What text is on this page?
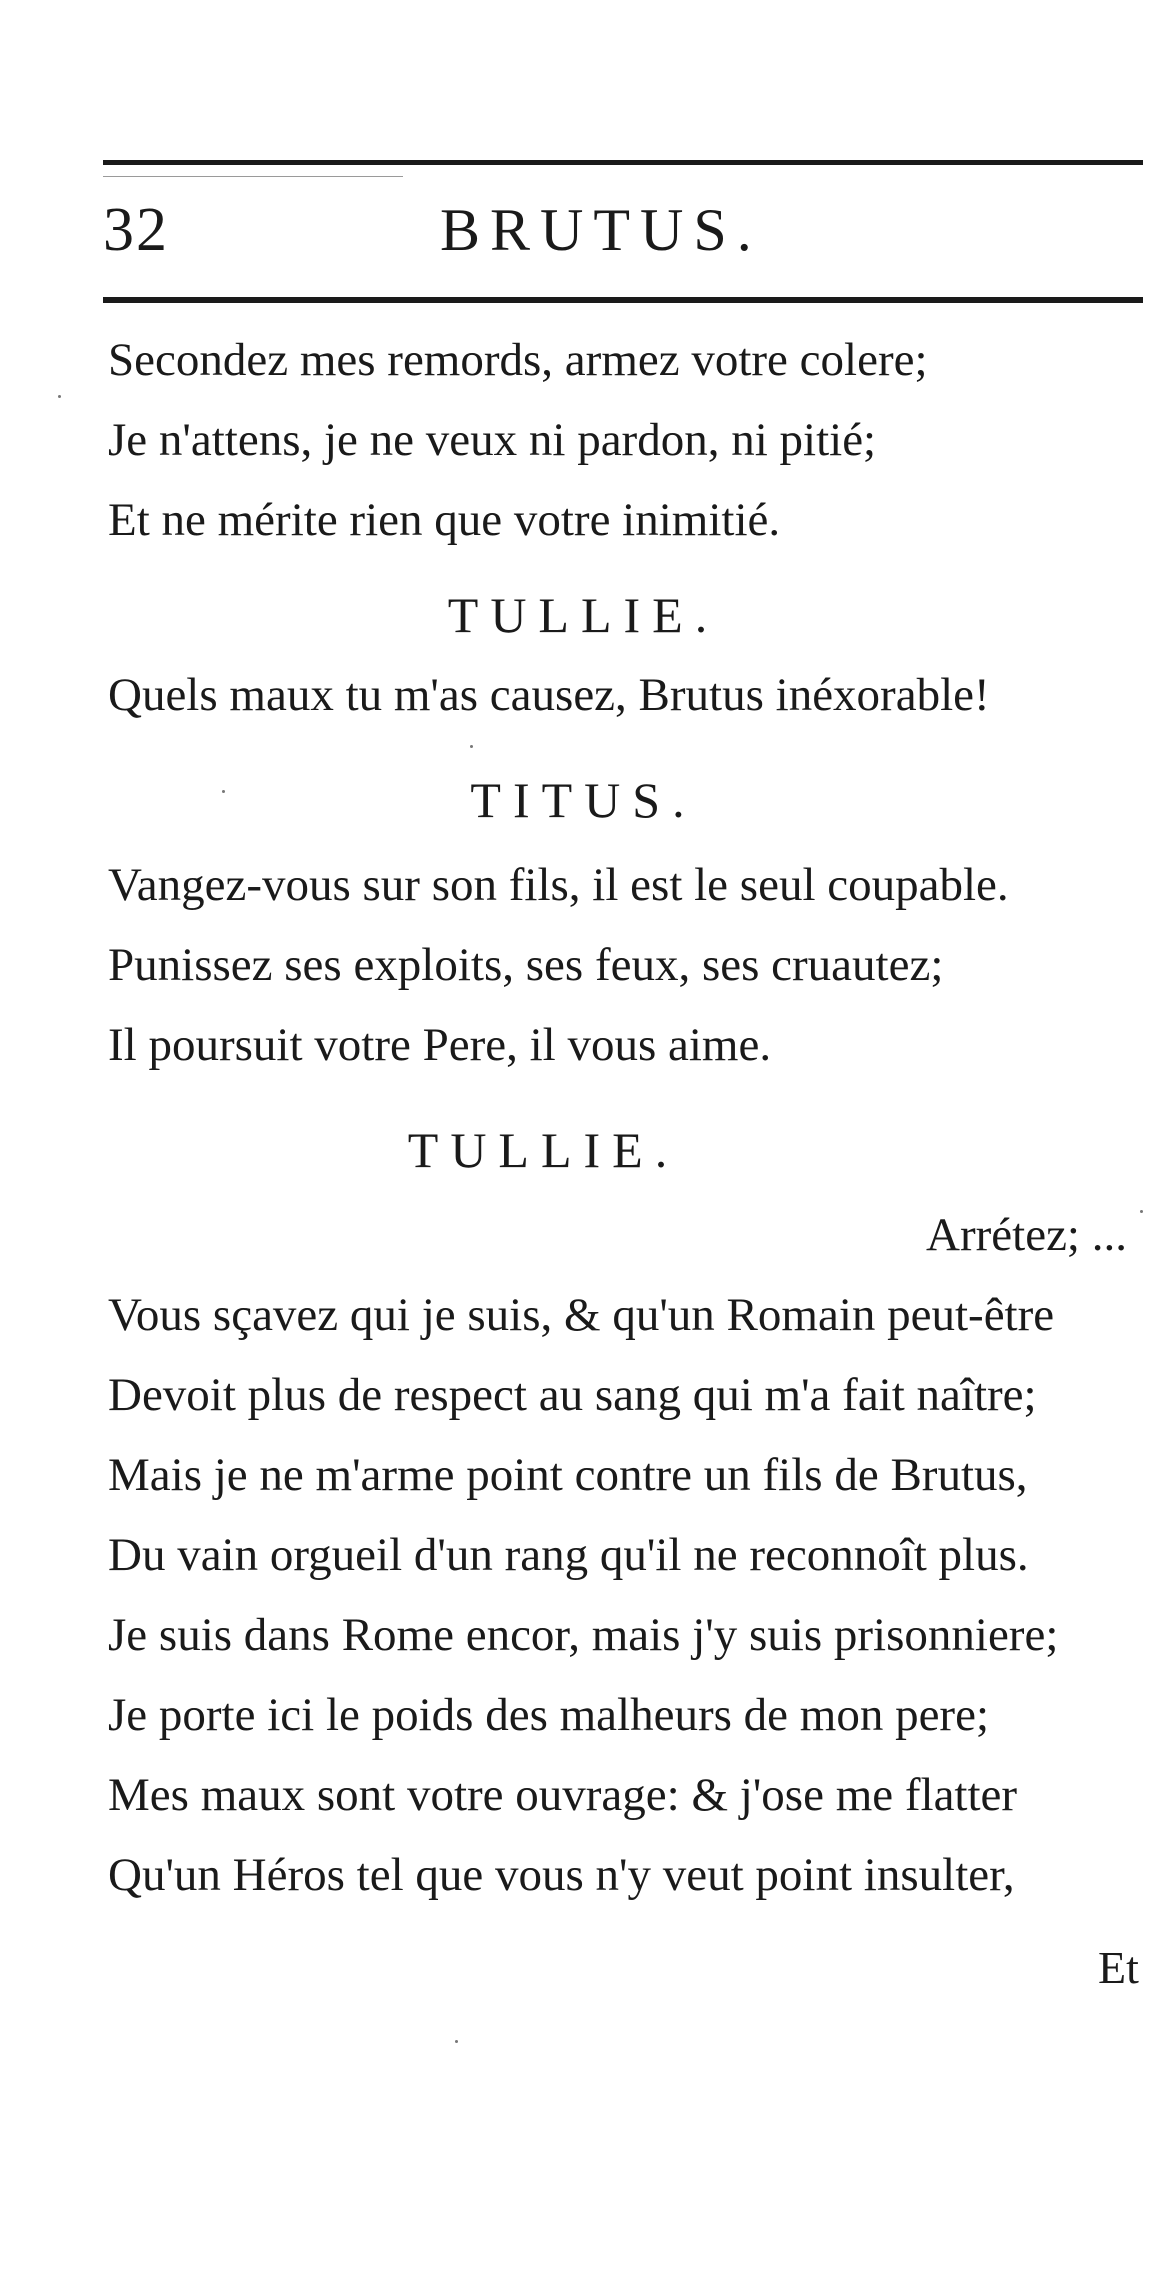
32	BRUTUS.
Secondez mes remords, armez votre colere;
Je n'attens, je ne veux ni pardon, ni pitié;
Et ne mérite rien que votre inimitié.
TULLIE.
Quels maux tu m'as causez, Brutus inéxorable!
TITUS.
Vangez-vous sur son fils, il est le seul coupable.
Punissez ses exploits, ses feux, ses cruautez;
Il poursuit votre Pere, il vous aime.
TULLIE.
Arrétez; ...
Vous sçavez qui je suis, & qu'un Romain peut-être
Devoit plus de respect au sang qui m'a fait naître;
Mais je ne m'arme point contre un fils de Brutus,
Du vain orgueil d'un rang qu'il ne reconnoît plus.
Je suis dans Rome encor, mais j'y suis prisonniere;
Je porte ici le poids des malheurs de mon pere;
Mes maux sont votre ouvrage: & j'ose me flatter
Qu'un Héros tel que vous n'y veut point insulter,
Et
